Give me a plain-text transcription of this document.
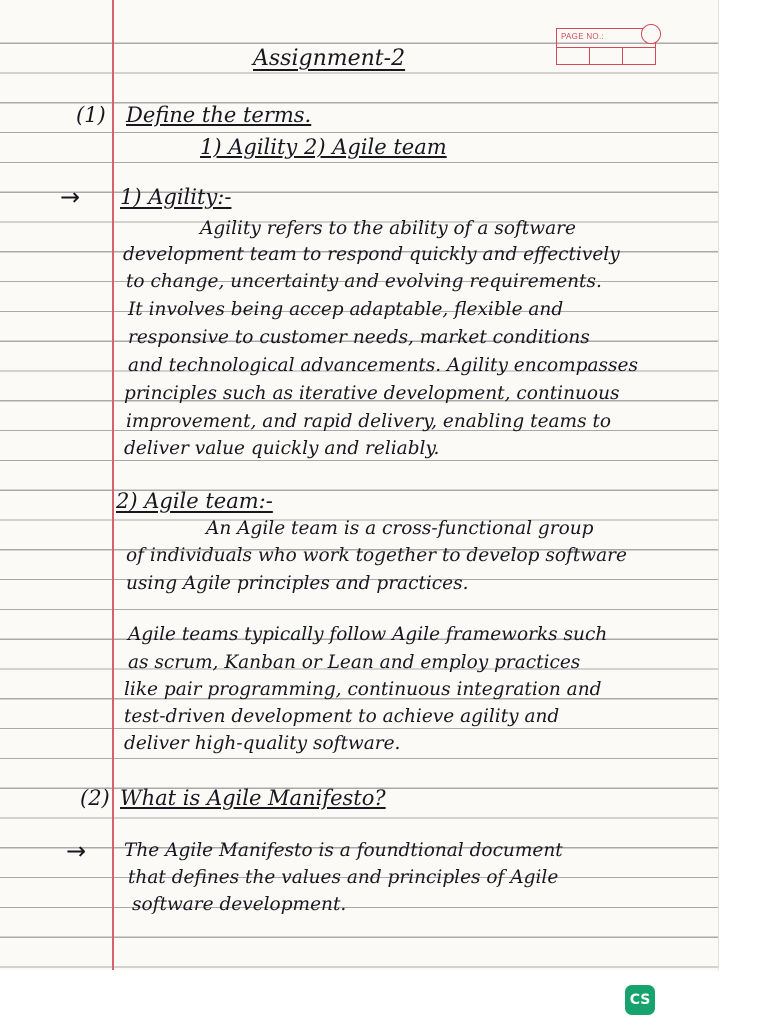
PAGE NO.:
Assignment-2
(1) Define the terms.
1) Agility 2) Agile team
→ 1) Agility:-
Agility refers to the ability of a software
development team to respond quickly and effectively
to change, uncertainty and evolving requirements.
It involves being accep adaptable, flexible and
responsive to customer needs, market conditions
and technological advancements. Agility encompasses
principles such as iterative development, continuous
improvement, and rapid delivery, enabling teams to
deliver value quickly and reliably.
2) Agile team:-
An Agile team is a cross-functional group
of individuals who work together to develop software
using Agile principles and practices.
Agile teams typically follow Agile frameworks such
as scrum, Kanban or Lean and employ practices
like pair programming, continuous integration and
test-driven development to achieve agility and
deliver high-quality software.
(2) What is Agile Manifesto?
→ The Agile Manifesto is a foundtional document
that defines the values and principles of Agile
software development.
CS
